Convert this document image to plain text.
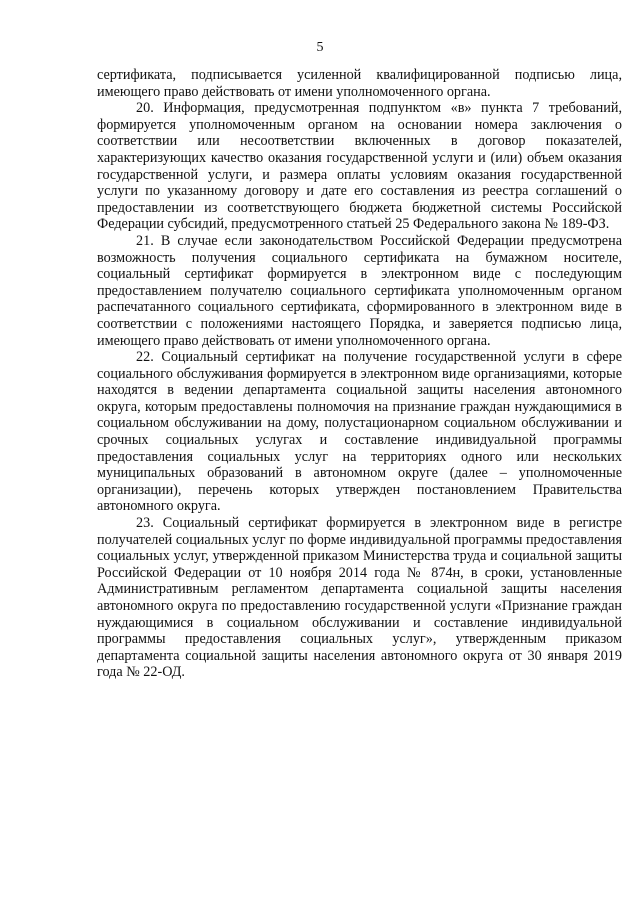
5

сертификата, подписывается усиленной квалифицированной подписью лица, имеющего право действовать от имени уполномоченного органа.

20. Информация, предусмотренная подпунктом «в» пункта 7 требований, формируется уполномоченным органом на основании номера заключения о соответствии или несоответствии включенных в договор показателей, характеризующих качество оказания государственной услуги и (или) объем оказания государственной услуги, и размера оплаты условиям оказания государственной услуги по указанному договору и дате его составления из реестра соглашений о предоставлении из соответствующего бюджета бюджетной системы Российской Федерации субсидий, предусмотренного статьей 25 Федерального закона № 189-ФЗ.

21. В случае если законодательством Российской Федерации предусмотрена возможность получения социального сертификата на бумажном носителе, социальный сертификат формируется в электронном виде с последующим предоставлением получателю социального сертификата уполномоченным органом распечатанного социального сертификата, сформированного в электронном виде в соответствии с положениями настоящего Порядка, и заверяется подписью лица, имеющего право действовать от имени уполномоченного органа.

22. Социальный сертификат на получение государственной услуги в сфере социального обслуживания формируется в электронном виде организациями, которые находятся в ведении департамента социальной защиты населения автономного округа, которым предоставлены полномочия на признание граждан нуждающимися в социальном обслуживании на дому, полустационарном социальном обслуживании и срочных социальных услугах и составление индивидуальной программы предоставления социальных услуг на территориях одного или нескольких муниципальных образований в автономном округе (далее – уполномоченные организации), перечень которых утвержден постановлением Правительства автономного округа.

23. Социальный сертификат формируется в электронном виде в регистре получателей социальных услуг по форме индивидуальной программы предоставления социальных услуг, утвержденной приказом Министерства труда и социальной защиты Российской Федерации от 10 ноября 2014 года № 874н, в сроки, установленные Административным регламентом департамента социальной защиты населения автономного округа по предоставлению государственной услуги «Признание граждан нуждающимися в социальном обслуживании и составление индивидуальной программы предоставления социальных услуг», утвержденным приказом департамента социальной защиты населения автономного округа от 30 января 2019 года № 22-ОД.
